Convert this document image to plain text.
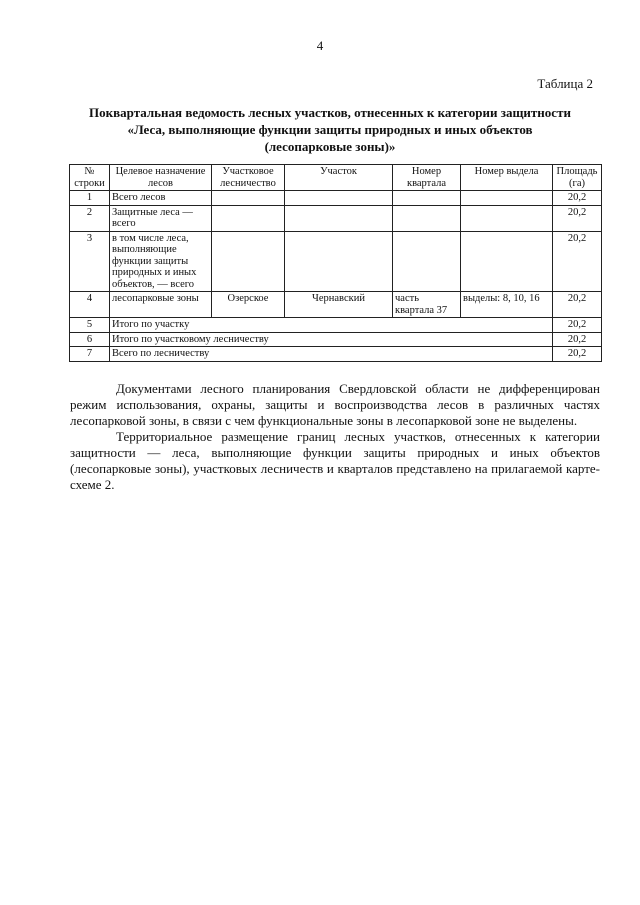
4
Таблица 2
Поквартальная ведомость лесных участков, отнесенных к категории защитности
«Леса, выполняющие функции защиты природных и иных объектов
(лесопарковые зоны)»
№ строки	Целевое назначение лесов	Участковое лесничество	Участок	Номер квартала	Номер выдела	Площадь (га)
1	Всего лесов					20,2
2	Защитные леса — всего					20,2
3	в том числе леса, выполняющие функции защиты природных и иных объектов, — всего					20,2
4	лесопарковые зоны	Озерское	Чернавский	часть квартала 37	выделы: 8, 10, 16	20,2
5	Итого по участку					20,2
6	Итого по участковому лесничеству					20,2
7	Всего по лесничеству					20,2

Документами лесного планирования Свердловской области не дифференцирован режим использования, охраны, защиты и воспроизводства лесов в различных частях лесопарковой зоны, в связи с чем функциональные зоны в лесопарковой зоне не выделены.

Территориальное размещение границ лесных участков, отнесенных к категории защитности — леса, выполняющие функции защиты природных и иных объектов (лесопарковые зоны), участковых лесничеств и кварталов представлено на прилагаемой карте-схеме 2.
